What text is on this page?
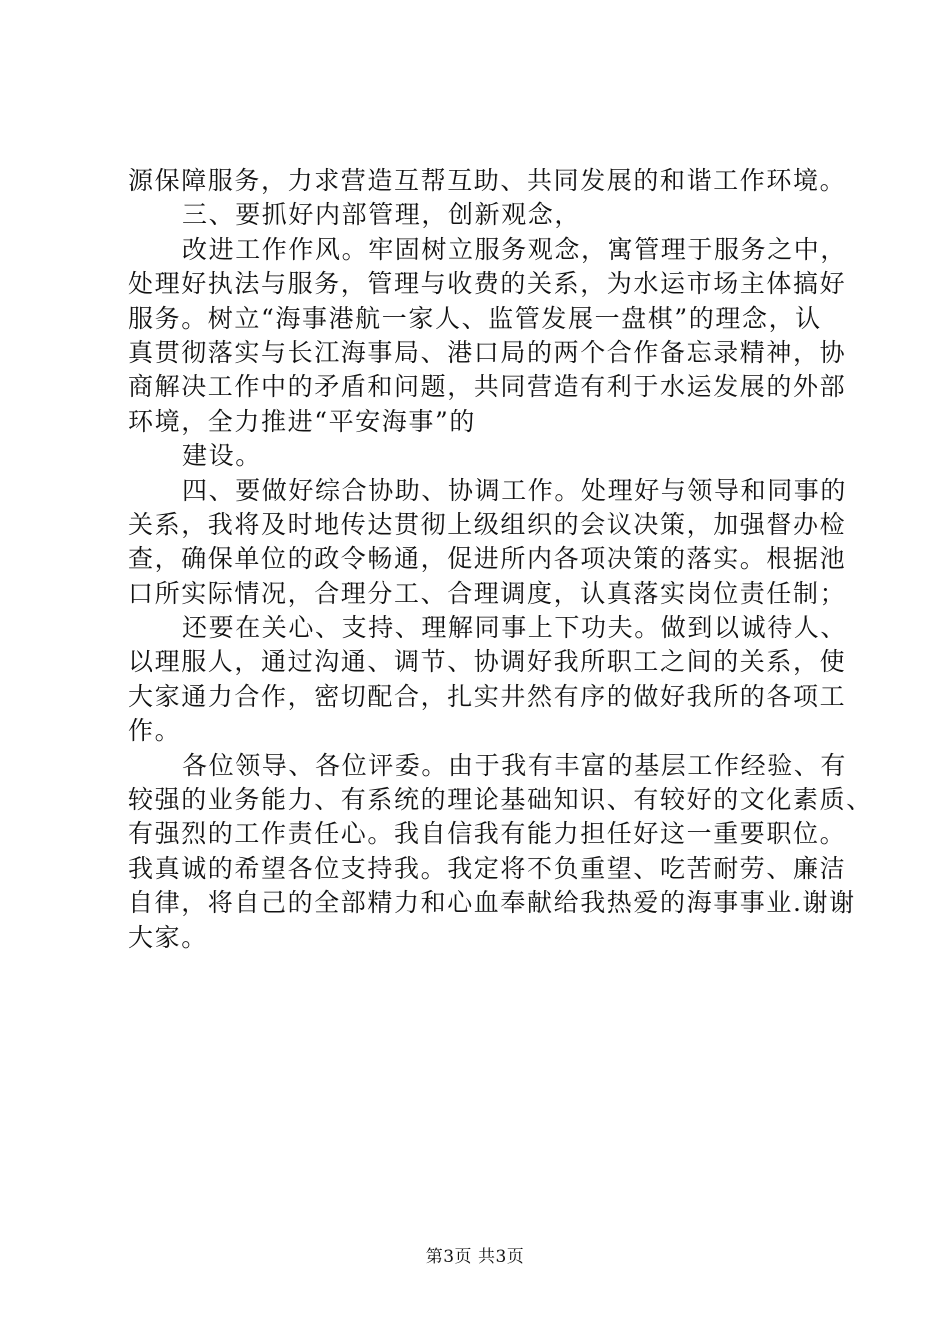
源保障服务，力求营造互帮互助、共同发展的和谐工作环境。
三、要抓好内部管理，创新观念，
改进工作作风。牢固树立服务观念，寓管理于服务之中，
处理好执法与服务，管理与收费的关系，为水运市场主体搞好
服务。树立“海事港航一家人、监管发展一盘棋”的理念，认
真贯彻落实与长江海事局、港口局的两个合作备忘录精神，协
商解决工作中的矛盾和问题，共同营造有利于水运发展的外部
环境，全力推进“平安海事”的
建设。
四、要做好综合协助、协调工作。处理好与领导和同事的
关系，我将及时地传达贯彻上级组织的会议决策，加强督办检
查，确保单位的政令畅通，促进所内各项决策的落实。根据池
口所实际情况，合理分工、合理调度，认真落实岗位责任制；
还要在关心、支持、理解同事上下功夫。做到以诚待人、
以理服人，通过沟通、调节、协调好我所职工之间的关系，使
大家通力合作，密切配合，扎实井然有序的做好我所的各项工
作。
各位领导、各位评委。由于我有丰富的基层工作经验、有
较强的业务能力、有系统的理论基础知识、有较好的文化素质、
有强烈的工作责任心。我自信我有能力担任好这一重要职位。
我真诚的希望各位支持我。我定将不负重望、吃苦耐劳、廉洁
自律，将自己的全部精力和心血奉献给我热爱的海事事业.谢谢
大家。
第3页 共3页
